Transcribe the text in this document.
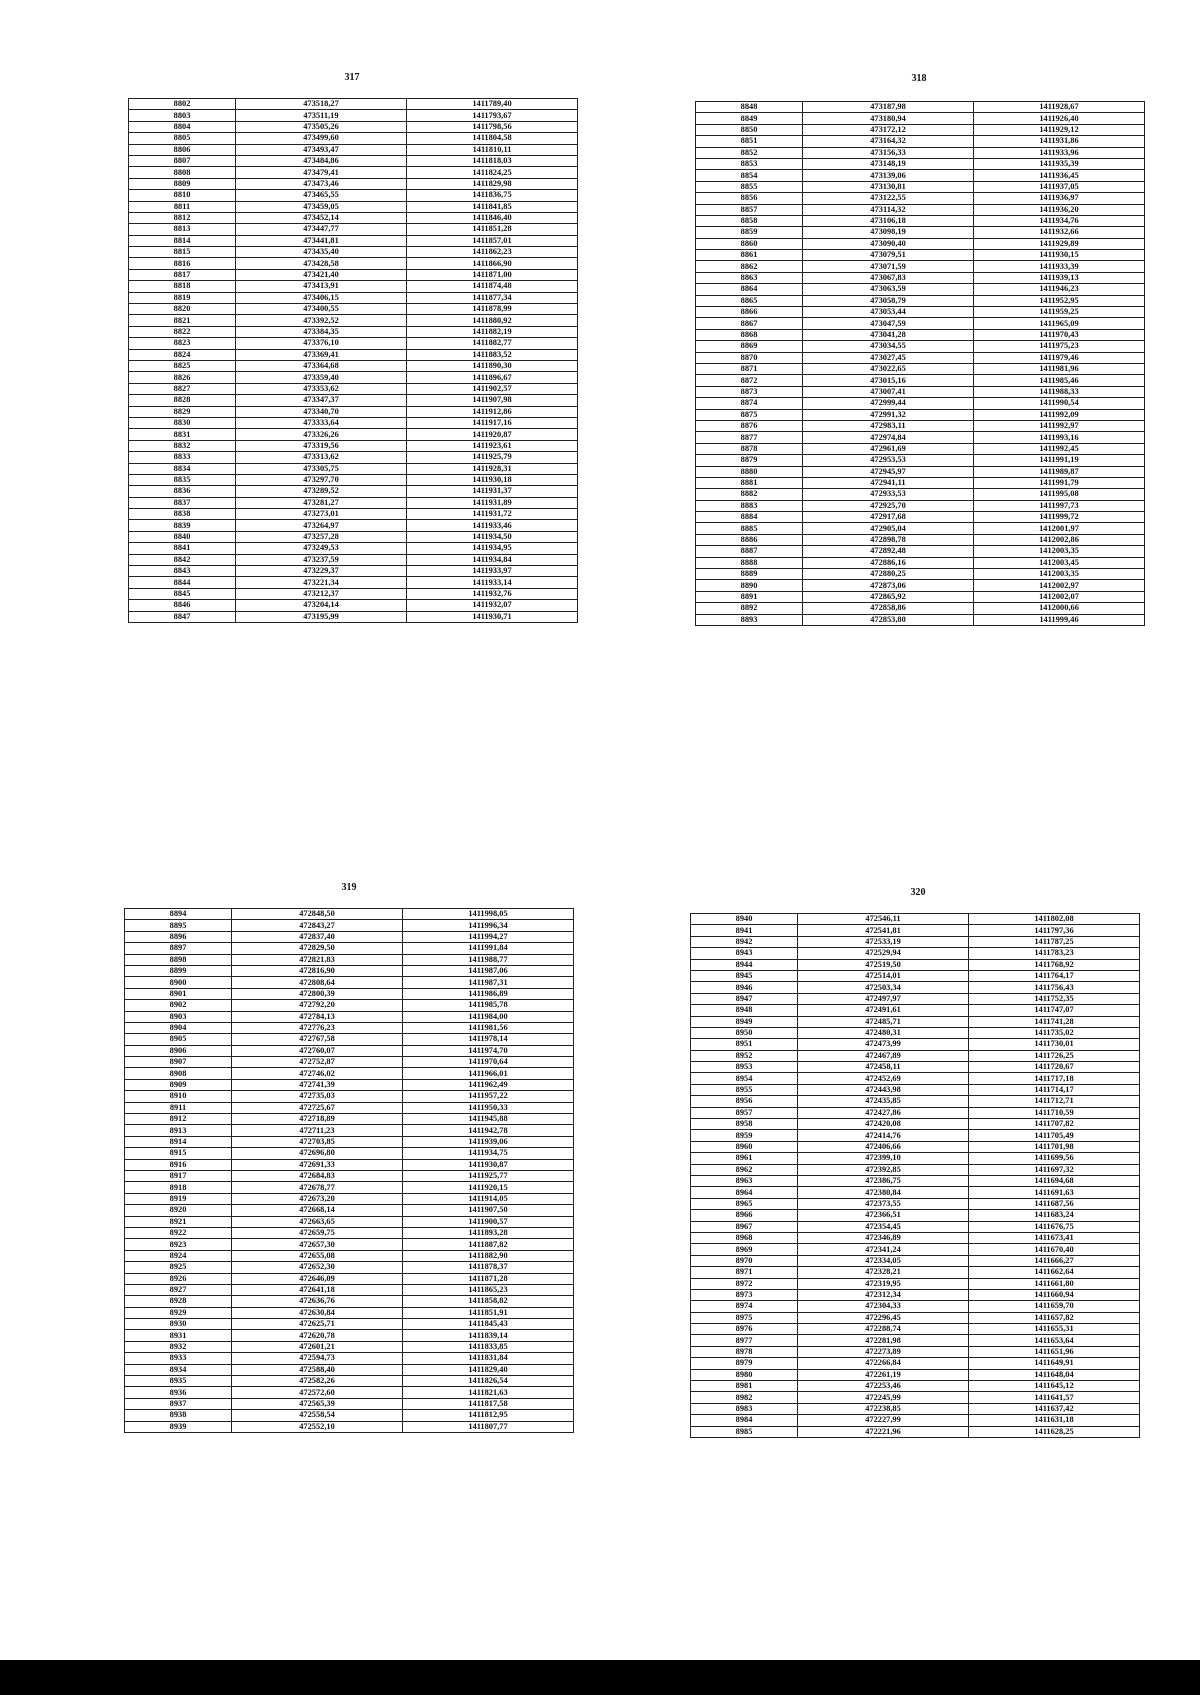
317
8802	473518,27	1411789,40
8803	473511,19	1411793,67
8804	473505,26	1411798,56
8805	473499,60	1411804,58
8806	473493,47	1411810,11
8807	473484,86	1411818,03
8808	473479,41	1411824,25
8809	473473,46	1411829,98
8810	473465,55	1411836,75
8811	473459,05	1411841,85
8812	473452,14	1411846,40
8813	473447,77	1411851,28
8814	473441,81	1411857,01
8815	473435,40	1411862,23
8816	473428,58	1411866,90
8817	473421,40	1411871,00
8818	473413,91	1411874,48
8819	473406,15	1411877,34
8820	473400,55	1411878,99
8821	473392,52	1411880,92
8822	473384,35	1411882,19
8823	473376,10	1411882,77
8824	473369,41	1411883,52
8825	473364,68	1411890,30
8826	473359,40	1411896,67
8827	473353,62	1411902,57
8828	473347,37	1411907,98
8829	473340,70	1411912,86
8830	473333,64	1411917,16
8831	473326,26	1411920,87
8832	473319,56	1411923,61
8833	473313,62	1411925,79
8834	473305,75	1411928,31
8835	473297,70	1411930,18
8836	473289,52	1411931,37
8837	473281,27	1411931,89
8838	473273,01	1411931,72
8839	473264,97	1411933,46
8840	473257,28	1411934,50
8841	473249,53	1411934,95
8842	473237,59	1411934,84
8843	473229,37	1411933,97
8844	473221,34	1411933,14
8845	473212,37	1411932,76
8846	473204,14	1411932,07
8847	473195,99	1411930,71
318
8848	473187,98	1411928,67
8849	473180,94	1411926,40
8850	473172,12	1411929,12
8851	473164,32	1411931,86
8852	473156,33	1411933,96
8853	473148,19	1411935,39
8854	473139,06	1411936,45
8855	473130,81	1411937,05
8856	473122,55	1411936,97
8857	473114,32	1411936,20
8858	473106,18	1411934,76
8859	473098,19	1411932,66
8860	473090,40	1411929,89
8861	473079,51	1411930,15
8862	473071,59	1411933,39
8863	473067,83	1411939,13
8864	473063,59	1411946,23
8865	473058,79	1411952,95
8866	473053,44	1411959,25
8867	473047,59	1411965,09
8868	473041,28	1411970,43
8869	473034,55	1411975,23
8870	473027,45	1411979,46
8871	473022,65	1411981,96
8872	473015,16	1411985,46
8873	473007,41	1411988,33
8874	472999,44	1411990,54
8875	472991,32	1411992,09
8876	472983,11	1411992,97
8877	472974,84	1411993,16
8878	472961,69	1411992,45
8879	472953,53	1411991,19
8880	472945,97	1411989,87
8881	472941,11	1411991,79
8882	472933,53	1411995,08
8883	472925,70	1411997,73
8884	472917,68	1411999,72
8885	472905,04	1412001,97
8886	472898,78	1412002,86
8887	472892,48	1412003,35
8888	472886,16	1412003,45
8889	472880,25	1412003,35
8890	472873,06	1412002,97
8891	472865,92	1412002,07
8892	472858,86	1412000,66
8893	472853,80	1411999,46
319
8894	472848,50	1411998,05
8895	472843,27	1411996,34
8896	472837,40	1411994,27
8897	472829,50	1411991,84
8898	472821,83	1411988,77
8899	472816,90	1411987,06
8900	472808,64	1411987,31
8901	472800,39	1411986,89
8902	472792,20	1411985,78
8903	472784,13	1411984,00
8904	472776,23	1411981,56
8905	472767,58	1411978,14
8906	472760,07	1411974,70
8907	472752,87	1411970,64
8908	472746,02	1411966,01
8909	472741,39	1411962,49
8910	472735,03	1411957,22
8911	472725,67	1411950,33
8912	472718,89	1411945,88
8913	472711,23	1411942,78
8914	472703,85	1411939,06
8915	472696,80	1411934,75
8916	472691,33	1411930,87
8917	472684,83	1411925,77
8918	472678,77	1411920,15
8919	472673,20	1411914,05
8920	472668,14	1411907,50
8921	472663,65	1411900,57
8922	472659,75	1411893,28
8923	472657,30	1411887,82
8924	472655,08	1411882,90
8925	472652,30	1411878,37
8926	472646,09	1411871,28
8927	472641,18	1411865,23
8928	472636,76	1411858,82
8929	472630,84	1411851,91
8930	472625,71	1411845,43
8931	472620,78	1411839,14
8932	472601,21	1411833,85
8933	472594,73	1411831,84
8934	472588,40	1411829,40
8935	472582,26	1411826,54
8936	472572,60	1411821,63
8937	472565,39	1411817,58
8938	472558,54	1411812,95
8939	472552,10	1411807,77
320
8940	472546,11	1411802,08
8941	472541,81	1411797,36
8942	472533,19	1411787,25
8943	472529,94	1411783,23
8944	472519,50	1411768,92
8945	472514,01	1411764,17
8946	472503,34	1411756,43
8947	472497,97	1411752,35
8948	472491,61	1411747,07
8949	472485,71	1411741,28
8950	472480,31	1411735,02
8951	472473,99	1411730,01
8952	472467,89	1411726,25
8953	472458,11	1411720,67
8954	472452,69	1411717,18
8955	472443,98	1411714,17
8956	472435,85	1411712,71
8957	472427,86	1411710,59
8958	472420,08	1411707,82
8959	472414,76	1411705,49
8960	472406,66	1411701,98
8961	472399,10	1411699,56
8962	472392,85	1411697,32
8963	472386,75	1411694,68
8964	472380,84	1411691,63
8965	472373,55	1411687,56
8966	472366,51	1411683,24
8967	472354,45	1411676,75
8968	472346,89	1411673,41
8969	472341,24	1411670,40
8970	472334,05	1411666,27
8971	472328,21	1411662,64
8972	472319,95	1411661,80
8973	472312,34	1411660,94
8974	472304,33	1411659,70
8975	472296,45	1411657,82
8976	472288,74	1411655,31
8977	472281,98	1411653,64
8978	472273,89	1411651,96
8979	472266,84	1411649,91
8980	472261,19	1411648,04
8981	472253,46	1411645,12
8982	472245,99	1411641,57
8983	472238,85	1411637,42
8984	472227,99	1411631,18
8985	472221,96	1411628,25
